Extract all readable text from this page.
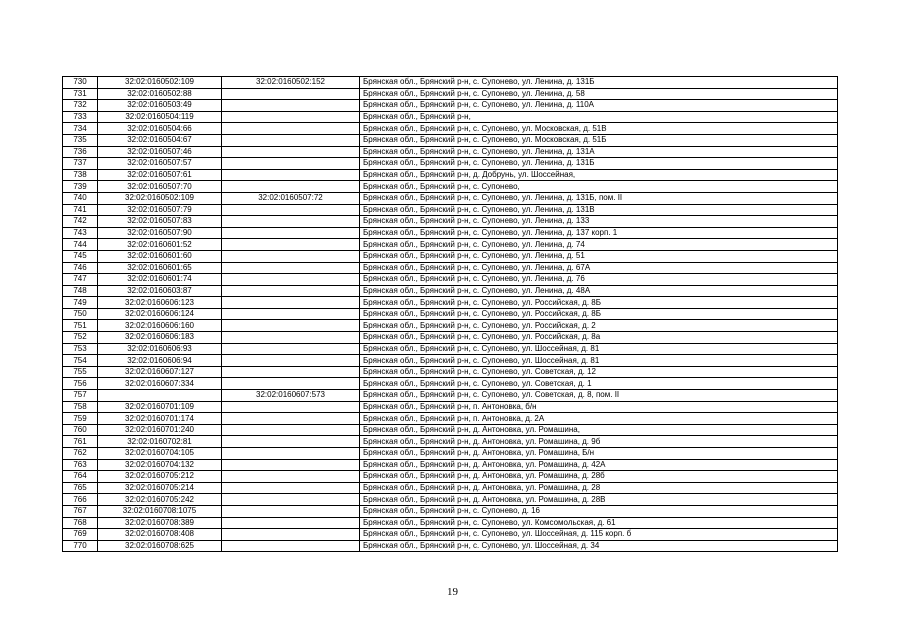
730	32:02:0160502:109	32:02:0160502:152	Брянская обл., Брянский р-н, с. Супонево, ул. Ленина, д. 131Б
731	32:02:0160502:88		Брянская обл., Брянский р-н, с. Супонево, ул. Ленина, д. 58
732	32:02:0160503:49		Брянская обл., Брянский р-н, с. Супонево, ул. Ленина, д. 110А
733	32:02:0160504:119		Брянская обл., Брянский р-н,
734	32:02:0160504:66		Брянская обл., Брянский р-н, с. Супонево, ул. Московская, д. 51В
735	32:02:0160504:67		Брянская обл., Брянский р-н, с. Супонево, ул. Московская, д. 51Б
736	32:02:0160507:46		Брянская обл., Брянский р-н, с. Супонево, ул. Ленина, д. 131А
737	32:02:0160507:57		Брянская обл., Брянский р-н, с. Супонево, ул. Ленина, д. 131Б
738	32:02:0160507:61		Брянская обл., Брянский р-н, д. Добрунь, ул. Шоссейная,
739	32:02:0160507:70		Брянская обл., Брянский р-н, с. Супонево,
740	32:02:0160502:109	32:02:0160507:72	Брянская обл., Брянский р-н, с. Супонево, ул. Ленина, д. 131Б, пом. II
741	32:02:0160507:79		Брянская обл., Брянский р-н, с. Супонево, ул. Ленина, д. 131В
742	32:02:0160507:83		Брянская обл., Брянский р-н, с. Супонево, ул. Ленина, д. 133
743	32:02:0160507:90		Брянская обл., Брянский р-н, с. Супонево, ул. Ленина, д. 137 корп. 1
744	32:02:0160601:52		Брянская обл., Брянский р-н, с. Супонево, ул. Ленина, д. 74
745	32:02:0160601:60		Брянская обл., Брянский р-н, с. Супонево, ул. Ленина, д. 51
746	32:02:0160601:65		Брянская обл., Брянский р-н, с. Супонево, ул. Ленина, д. 67А
747	32:02:0160601:74		Брянская обл., Брянский р-н, с. Супонево, ул. Ленина, д. 76
748	32:02:0160603:87		Брянская обл., Брянский р-н, с. Супонево, ул. Ленина, д. 48А
749	32:02:0160606:123		Брянская обл., Брянский р-н, с. Супонево, ул. Российская, д. 8Б
750	32:02:0160606:124		Брянская обл., Брянский р-н, с. Супонево, ул. Российская, д. 8Б
751	32:02:0160606:160		Брянская обл., Брянский р-н, с. Супонево, ул. Российская, д. 2
752	32:02:0160606:183		Брянская обл., Брянский р-н, с. Супонево, ул. Российская, д. 8а
753	32:02:0160606:93		Брянская обл., Брянский р-н, с. Супонево, ул. Шоссейная, д. 81
754	32:02:0160606:94		Брянская обл., Брянский р-н, с. Супонево, ул. Шоссейная, д. 81
755	32:02:0160607:127		Брянская обл., Брянский р-н, с. Супонево, ул. Советская, д. 12
756	32:02:0160607:334		Брянская обл., Брянский р-н, с. Супонево, ул. Советская, д. 1
757		32:02:0160607:573	Брянская обл., Брянский р-н, с. Супонево, ул. Советская, д. 8, пом. II
758	32:02:0160701:109		Брянская обл., Брянский р-н, п. Антоновка, б/н
759	32:02:0160701:174		Брянская обл., Брянский р-н, п. Антоновка, д. 2А
760	32:02:0160701:240		Брянская обл., Брянский р-н, д. Антоновка, ул. Ромашина,
761	32:02:0160702:81		Брянская обл., Брянский р-н, д. Антоновка, ул. Ромашина, д. 9б
762	32:02:0160704:105		Брянская обл., Брянский р-н, д. Антоновка, ул. Ромашина, Б/н
763	32:02:0160704:132		Брянская обл., Брянский р-н, д. Антоновка, ул. Ромашина, д. 42А
764	32:02:0160705:212		Брянская обл., Брянский р-н, д. Антоновка, ул. Ромашина, д. 28б
765	32:02:0160705:214		Брянская обл., Брянский р-н, д. Антоновка, ул. Ромашина, д. 28
766	32:02:0160705:242		Брянская обл., Брянский р-н, д. Антоновка, ул. Ромашина, д. 28В
767	32:02:0160708:1075		Брянская обл., Брянский р-н, с. Супонево, д. 16
768	32:02:0160708:389		Брянская обл., Брянский р-н, с. Супонево, ул. Комсомольская, д. 61
769	32:02:0160708:408		Брянская обл., Брянский р-н, с. Супонево, ул. Шоссейная, д. 115 корп. б
770	32:02:0160708:625		Брянская обл., Брянский р-н, с. Супонево, ул. Шоссейная, д. 34
19
